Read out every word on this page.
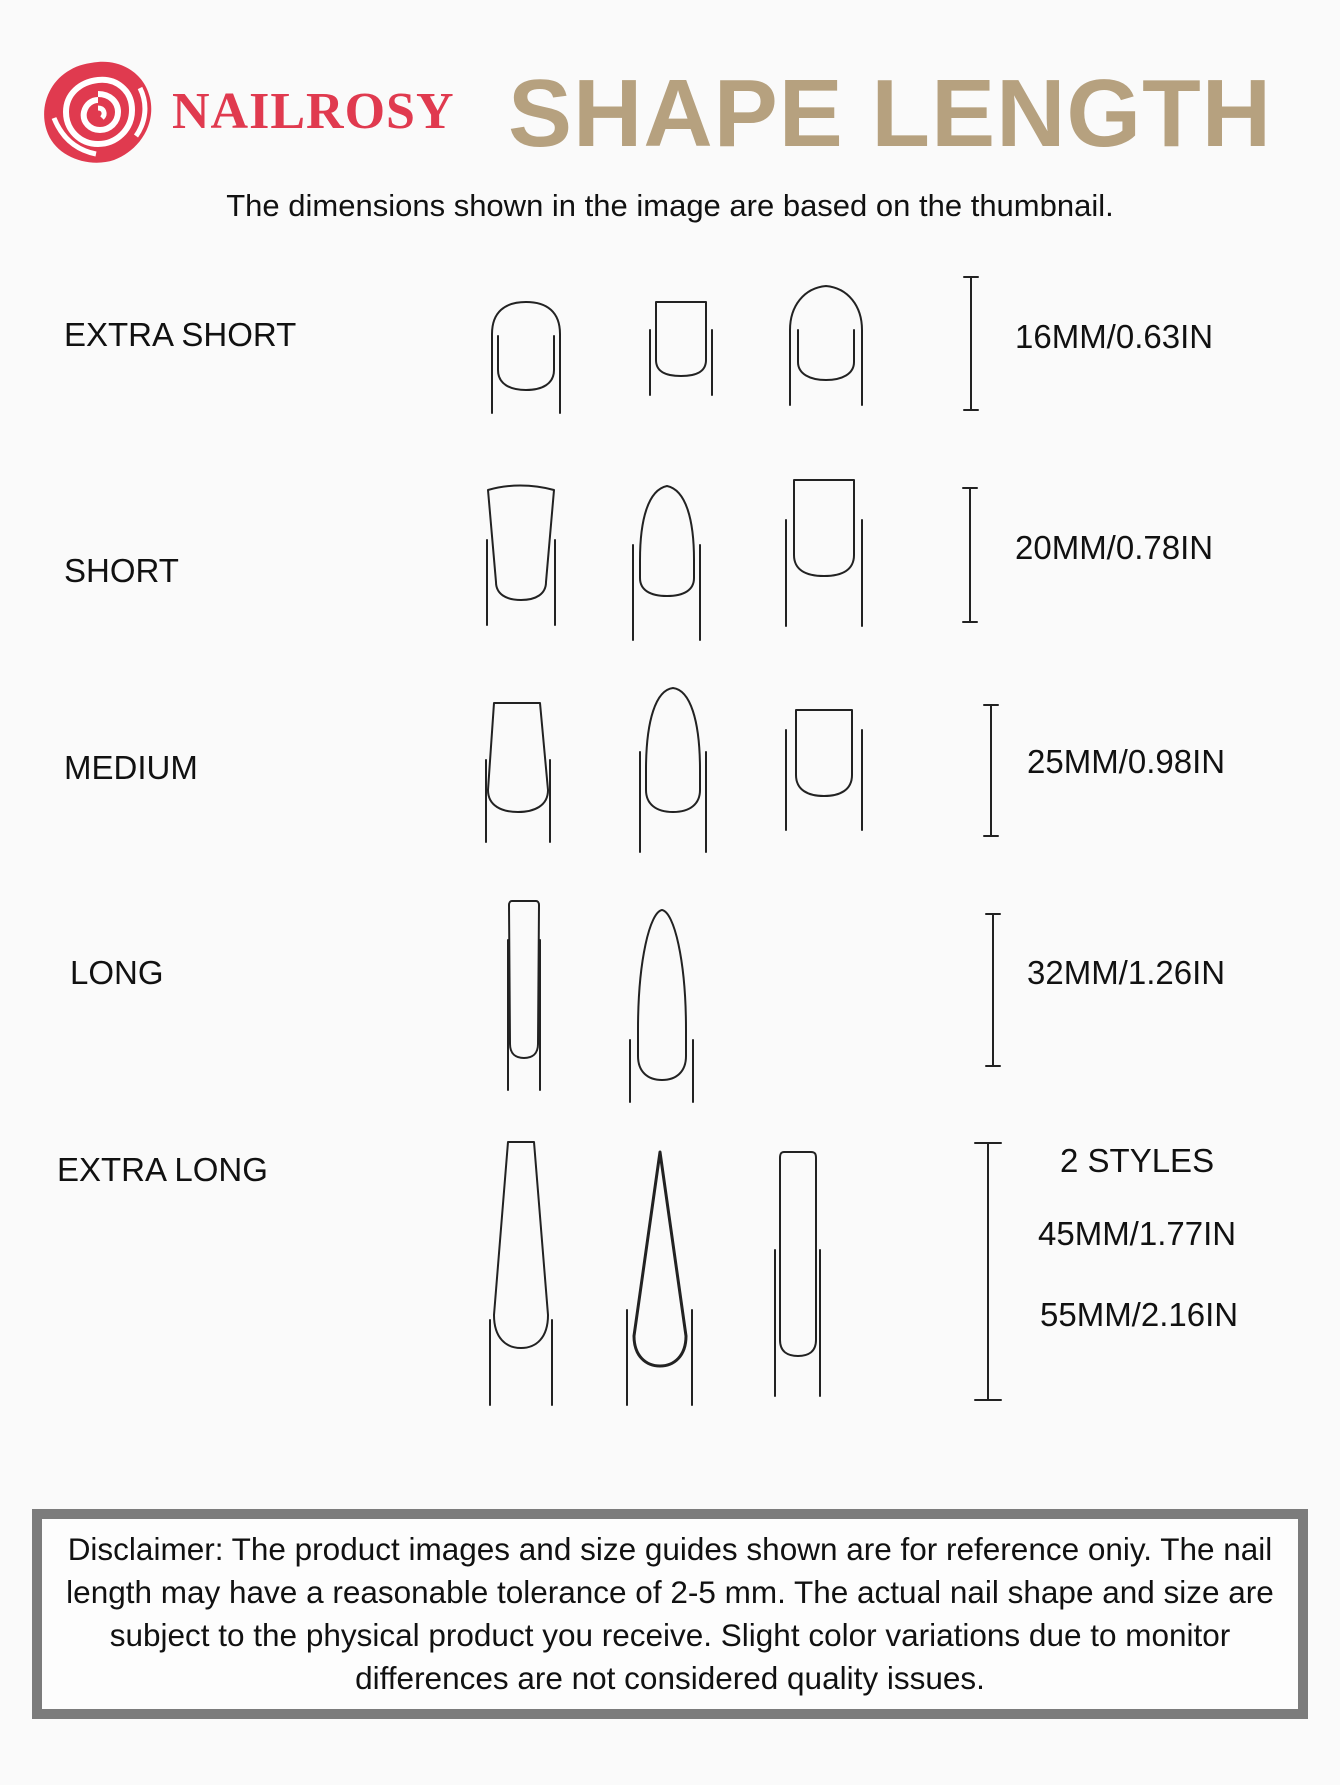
NAILROSY SHAPE LENGTH
The dimensions shown in the image are based on the thumbnail.
EXTRA SHORT
SHORT
MEDIUM
LONG
EXTRA LONG
16MM/0.63IN
20MM/0.78IN
25MM/0.98IN
32MM/1.26IN
2 STYLES
45MM/1.77IN
55MM/2.16IN
Disclaimer: The product images and size guides shown are for reference oniy. The nail length may have a reasonable tolerance of 2-5 mm. The actual nail shape and size are subject to the physical product you receive. Slight color variations due to monitor differences are not considered quality issues.
